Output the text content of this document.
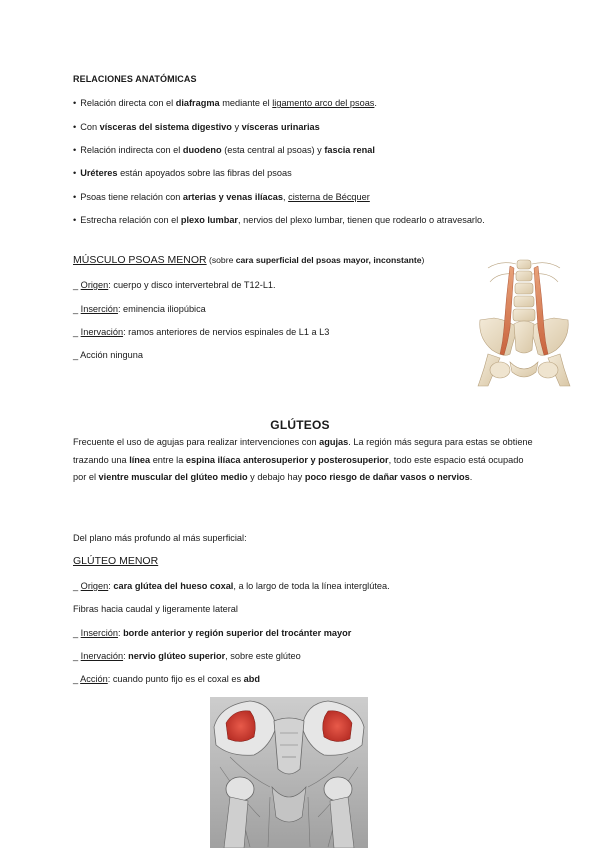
RELACIONES ANATÓMICAS
• Relación directa con el diafragma mediante el ligamento arco del psoas.
• Con vísceras del sistema digestivo y vísceras urinarias
• Relación indirecta con el duodeno (esta central al psoas) y fascia renal
• Uréteres están apoyados sobre las fibras del psoas
• Psoas tiene relación con arterias y venas ilíacas, cisterna de Bécquer
• Estrecha relación con el plexo lumbar, nervios del plexo lumbar, tienen que rodearlo o atravesarlo.
MÚSCULO PSOAS MENOR (sobre cara superficial del psoas mayor, inconstante)
_ Origen: cuerpo y disco intervertebral de T12-L1.
_ Inserción: eminencia iliopúbica
_ Inervación: ramos anteriores de nervios espinales de L1 a L3
_ Acción ninguna
GLÚTEOS
Frecuente el uso de agujas para realizar intervenciones con agujas. La región más segura para estas se obtiene trazando una línea entre la espina ilíaca anterosuperior y posterosuperior, todo este espacio está ocupado por el vientre muscular del glúteo medio y debajo hay poco riesgo de dañar vasos o nervios.
Del plano más profundo al más superficial:
GLÚTEO MENOR
_ Origen: cara glútea del hueso coxal, a lo largo de toda la línea interglútea.
Fibras hacia caudal y ligeramente lateral
_ Inserción: borde anterior y región superior del trocánter mayor
_ Inervación: nervio glúteo superior, sobre este glúteo
_ Acción: cuando punto fijo es el coxal es abd
